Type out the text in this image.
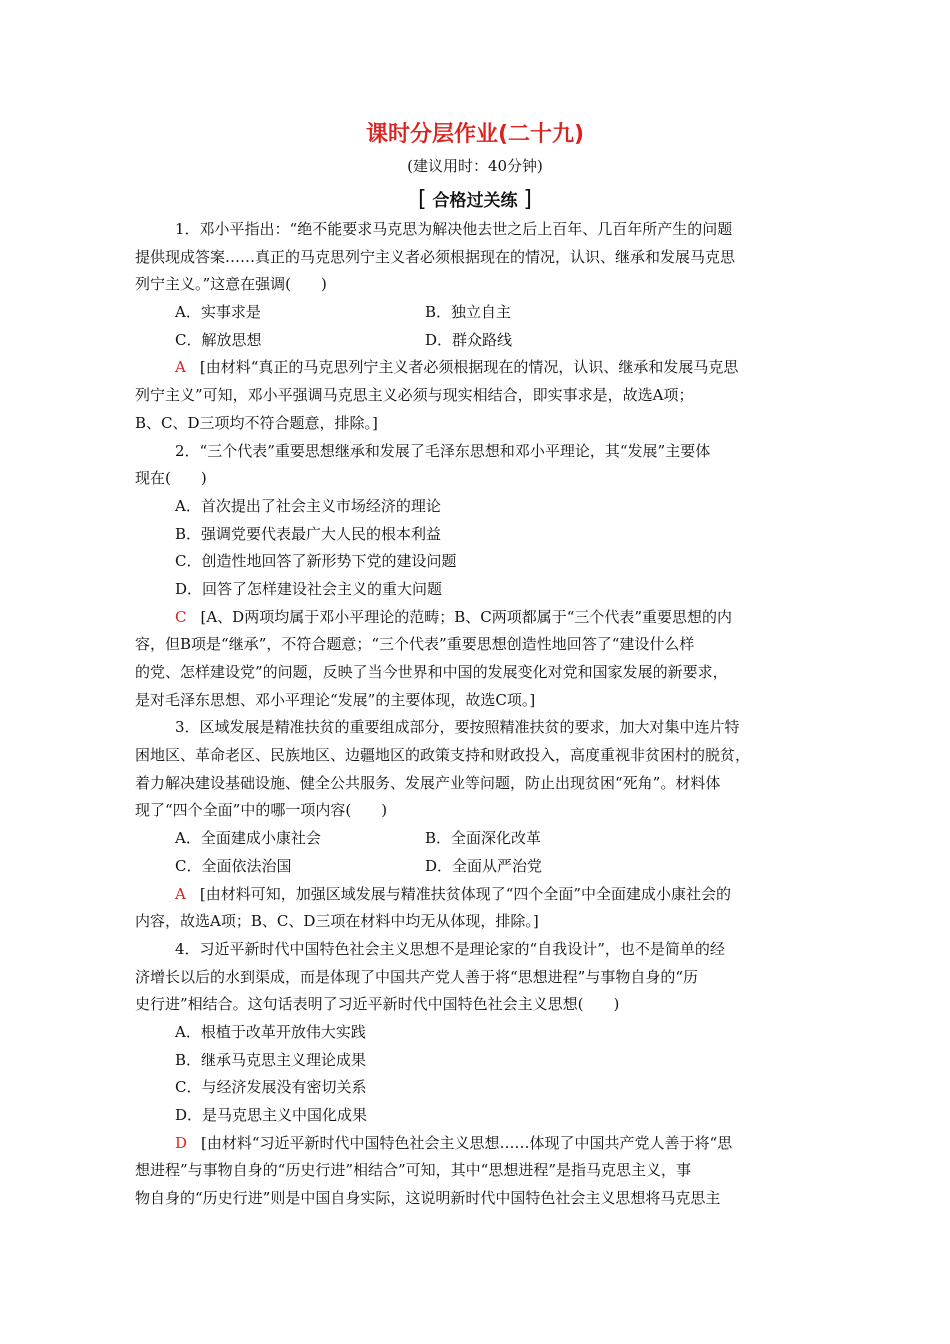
课时分层作业(二十九)
(建议用时：40分钟)
[ 合格过关练 ]
1．邓小平指出：“绝不能要求马克思为解决他去世之后上百年、几百年所产生的问题
提供现成答案……真正的马克思列宁主义者必须根据现在的情况，认识、继承和发展马克思
列宁主义。”这意在强调(　　)
A．实事求是	B．独立自主
C．解放思想	D．群众路线
A [由材料“真正的马克思列宁主义者必须根据现在的情况，认识、继承和发展马克思
列宁主义”可知，邓小平强调马克思主义必须与现实相结合，即实事求是，故选A项；
B、C、D三项均不符合题意，排除。]
2．“三个代表”重要思想继承和发展了毛泽东思想和邓小平理论，其“发展”主要体
现在(　　)
A．首次提出了社会主义市场经济的理论
B．强调党要代表最广大人民的根本利益
C．创造性地回答了新形势下党的建设问题
D．回答了怎样建设社会主义的重大问题
C [A、D两项均属于邓小平理论的范畴；B、C两项都属于“三个代表”重要思想的内
容，但B项是“继承”，不符合题意；“三个代表”重要思想创造性地回答了“建设什么样
的党、怎样建设党”的问题，反映了当今世界和中国的发展变化对党和国家发展的新要求，
是对毛泽东思想、邓小平理论“发展”的主要体现，故选C项。]
3．区域发展是精准扶贫的重要组成部分，要按照精准扶贫的要求，加大对集中连片特
困地区、革命老区、民族地区、边疆地区的政策支持和财政投入，高度重视非贫困村的脱贫，
着力解决建设基础设施、健全公共服务、发展产业等问题，防止出现贫困“死角”。材料体
现了“四个全面”中的哪一项内容(　　)
A．全面建成小康社会	B．全面深化改革
C．全面依法治国	D．全面从严治党
A [由材料可知，加强区域发展与精准扶贫体现了“四个全面”中全面建成小康社会的
内容，故选A项；B、C、D三项在材料中均无从体现，排除。]
4．习近平新时代中国特色社会主义思想不是理论家的“自我设计”，也不是简单的经
济增长以后的水到渠成，而是体现了中国共产党人善于将“思想进程”与事物自身的“历
史行进”相结合。这句话表明了习近平新时代中国特色社会主义思想(　　)
A．根植于改革开放伟大实践
B．继承马克思主义理论成果
C．与经济发展没有密切关系
D．是马克思主义中国化成果
D [由材料“习近平新时代中国特色社会主义思想……体现了中国共产党人善于将“思
想进程”与事物自身的“历史行进”相结合”可知，其中“思想进程”是指马克思主义，事
物自身的“历史行进”则是中国自身实际，这说明新时代中国特色社会主义思想将马克思主
